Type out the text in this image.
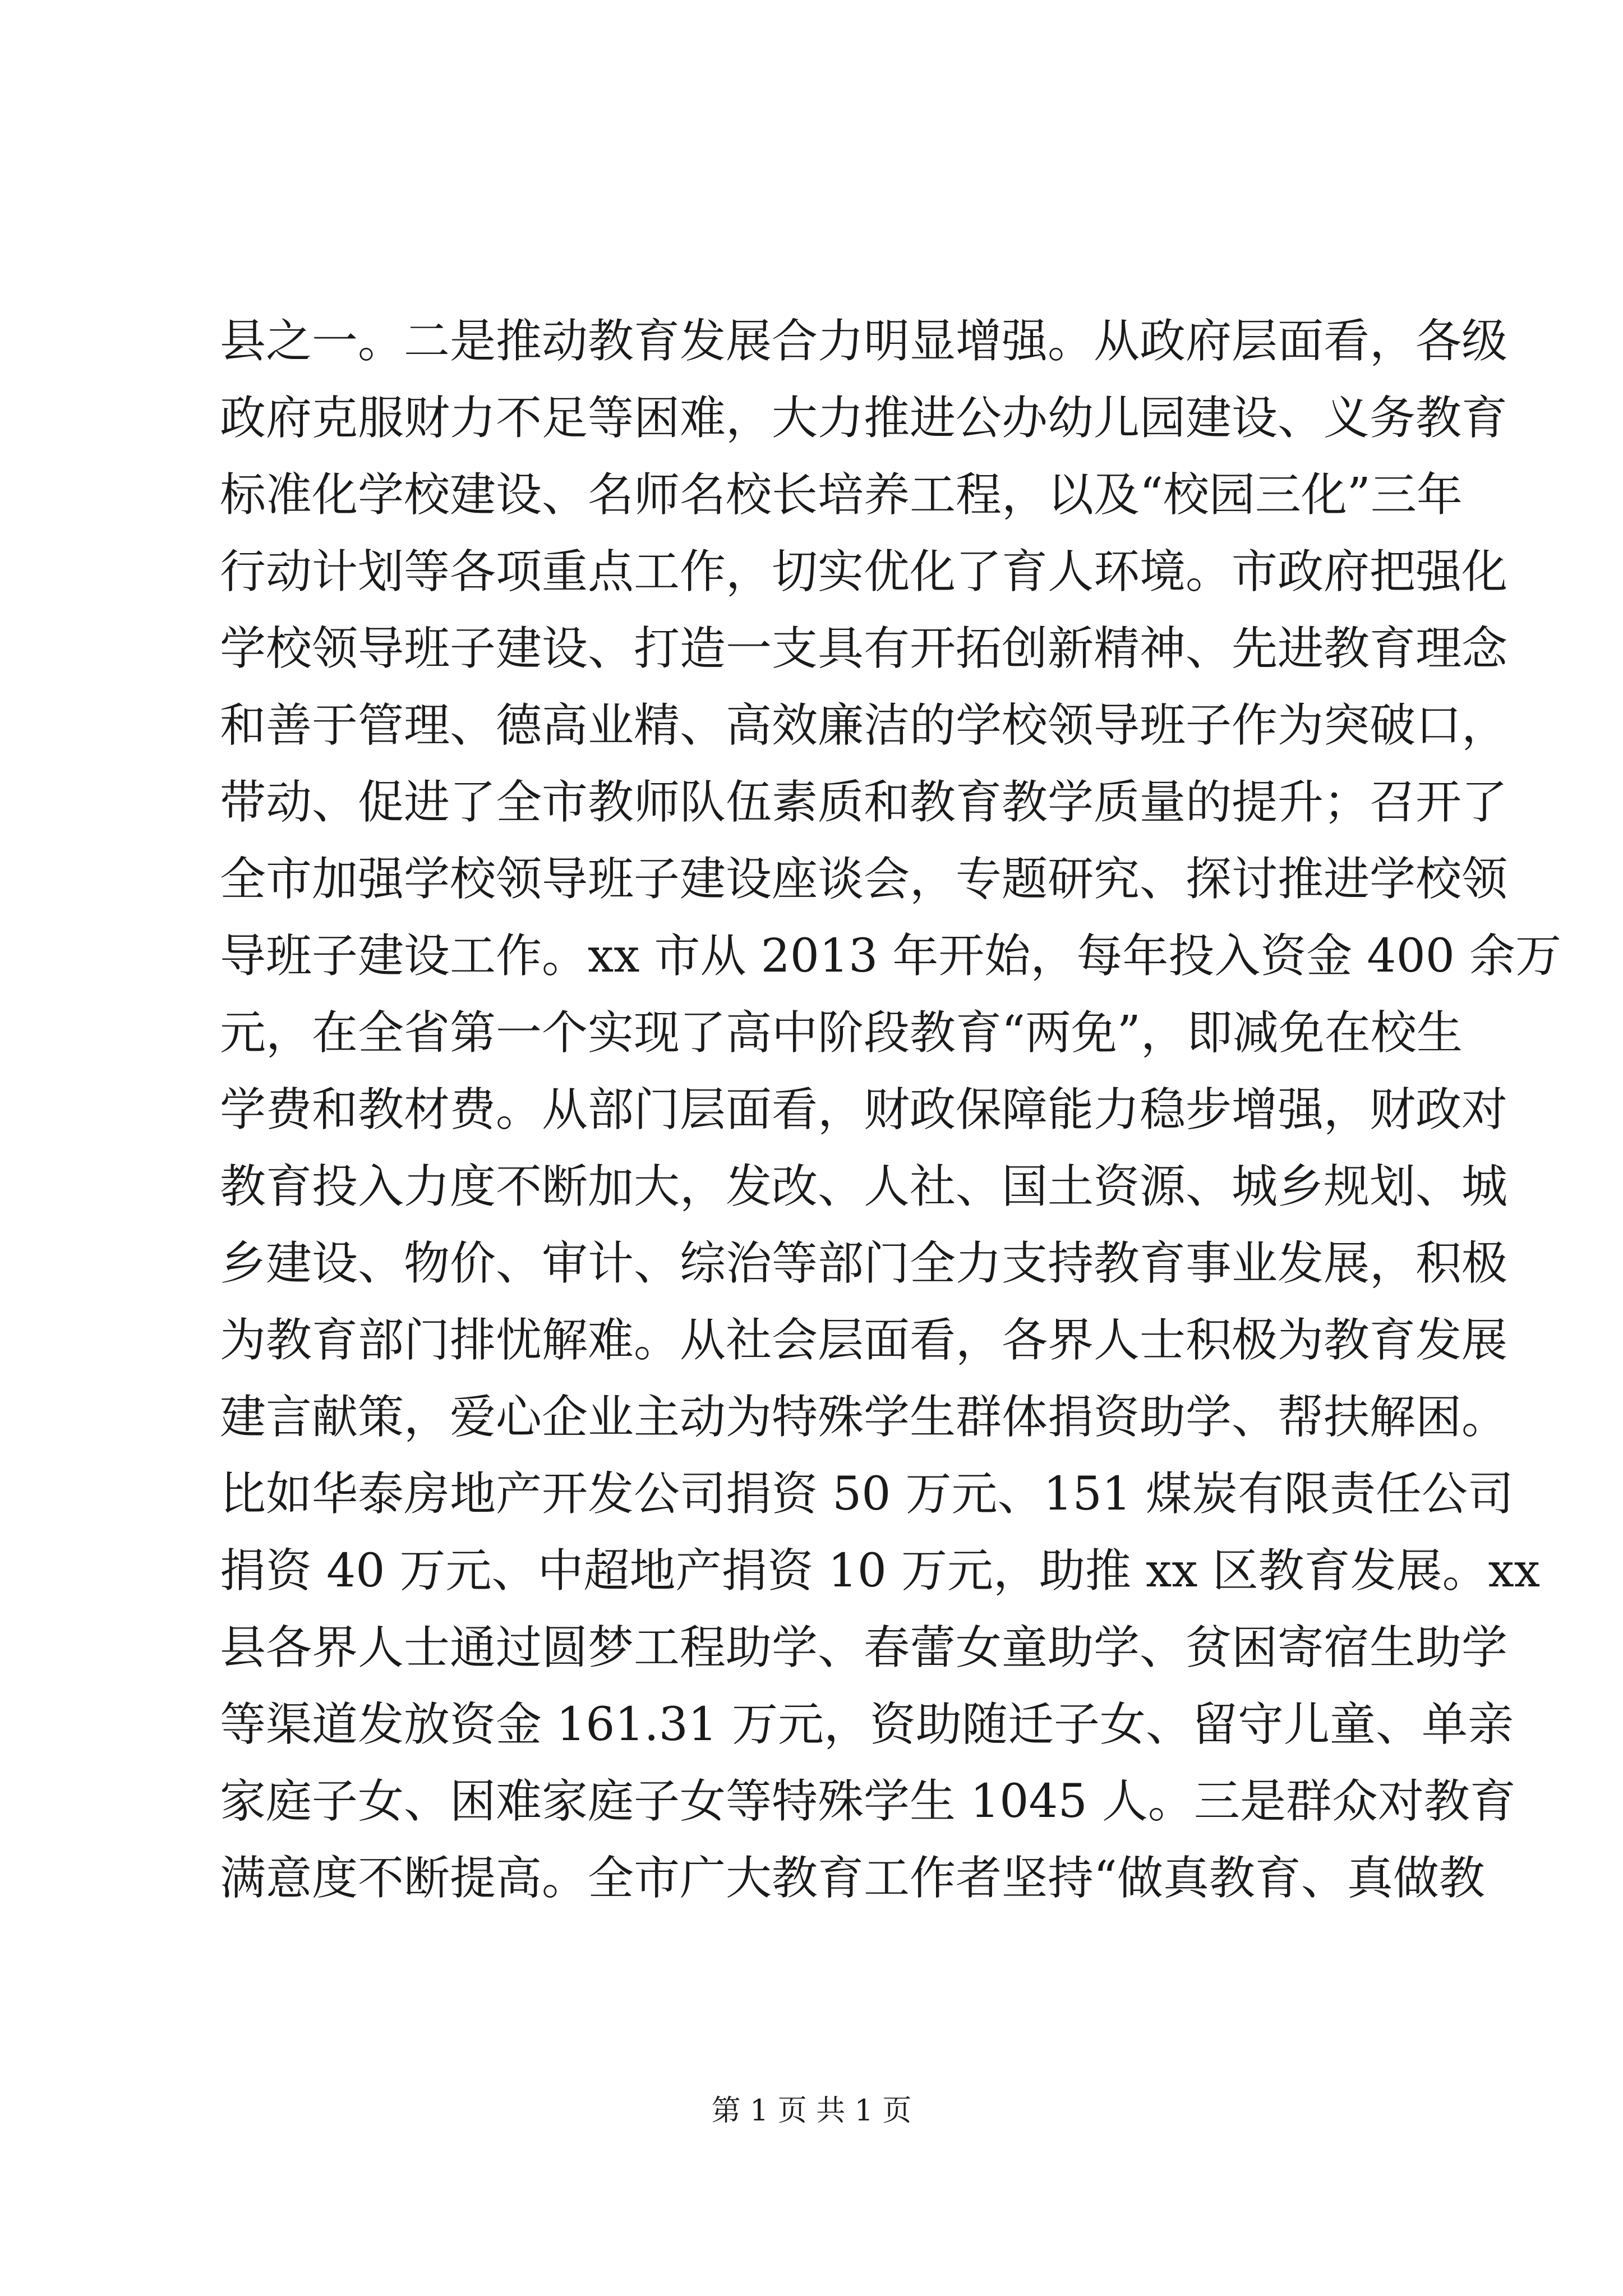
县之一。二是推动教育发展合力明显增强。从政府层面看，各级
政府克服财力不足等困难，大力推进公办幼儿园建设、义务教育
标准化学校建设、名师名校长培养工程，以及“校园三化”三年
行动计划等各项重点工作，切实优化了育人环境。市政府把强化
学校领导班子建设、打造一支具有开拓创新精神、先进教育理念
和善于管理、德高业精、高效廉洁的学校领导班子作为突破口，
带动、促进了全市教师队伍素质和教育教学质量的提升；召开了
全市加强学校领导班子建设座谈会，专题研究、探讨推进学校领
导班子建设工作。xx 市从 2013 年开始，每年投入资金 400 余万
元，在全省第一个实现了高中阶段教育“两免”，即减免在校生
学费和教材费。从部门层面看，财政保障能力稳步增强，财政对
教育投入力度不断加大，发改、人社、国土资源、城乡规划、城
乡建设、物价、审计、综治等部门全力支持教育事业发展，积极
为教育部门排忧解难。从社会层面看，各界人士积极为教育发展
建言献策，爱心企业主动为特殊学生群体捐资助学、帮扶解困。
比如华泰房地产开发公司捐资 50 万元、151 煤炭有限责任公司
捐资 40 万元、中超地产捐资 10 万元，助推 xx 区教育发展。xx
县各界人士通过圆梦工程助学、春蕾女童助学、贫困寄宿生助学
等渠道发放资金 161.31 万元，资助随迁子女、留守儿童、单亲
家庭子女、困难家庭子女等特殊学生 1045 人。三是群众对教育
满意度不断提高。全市广大教育工作者坚持“做真教育、真做教
第 1 页 共 1 页
